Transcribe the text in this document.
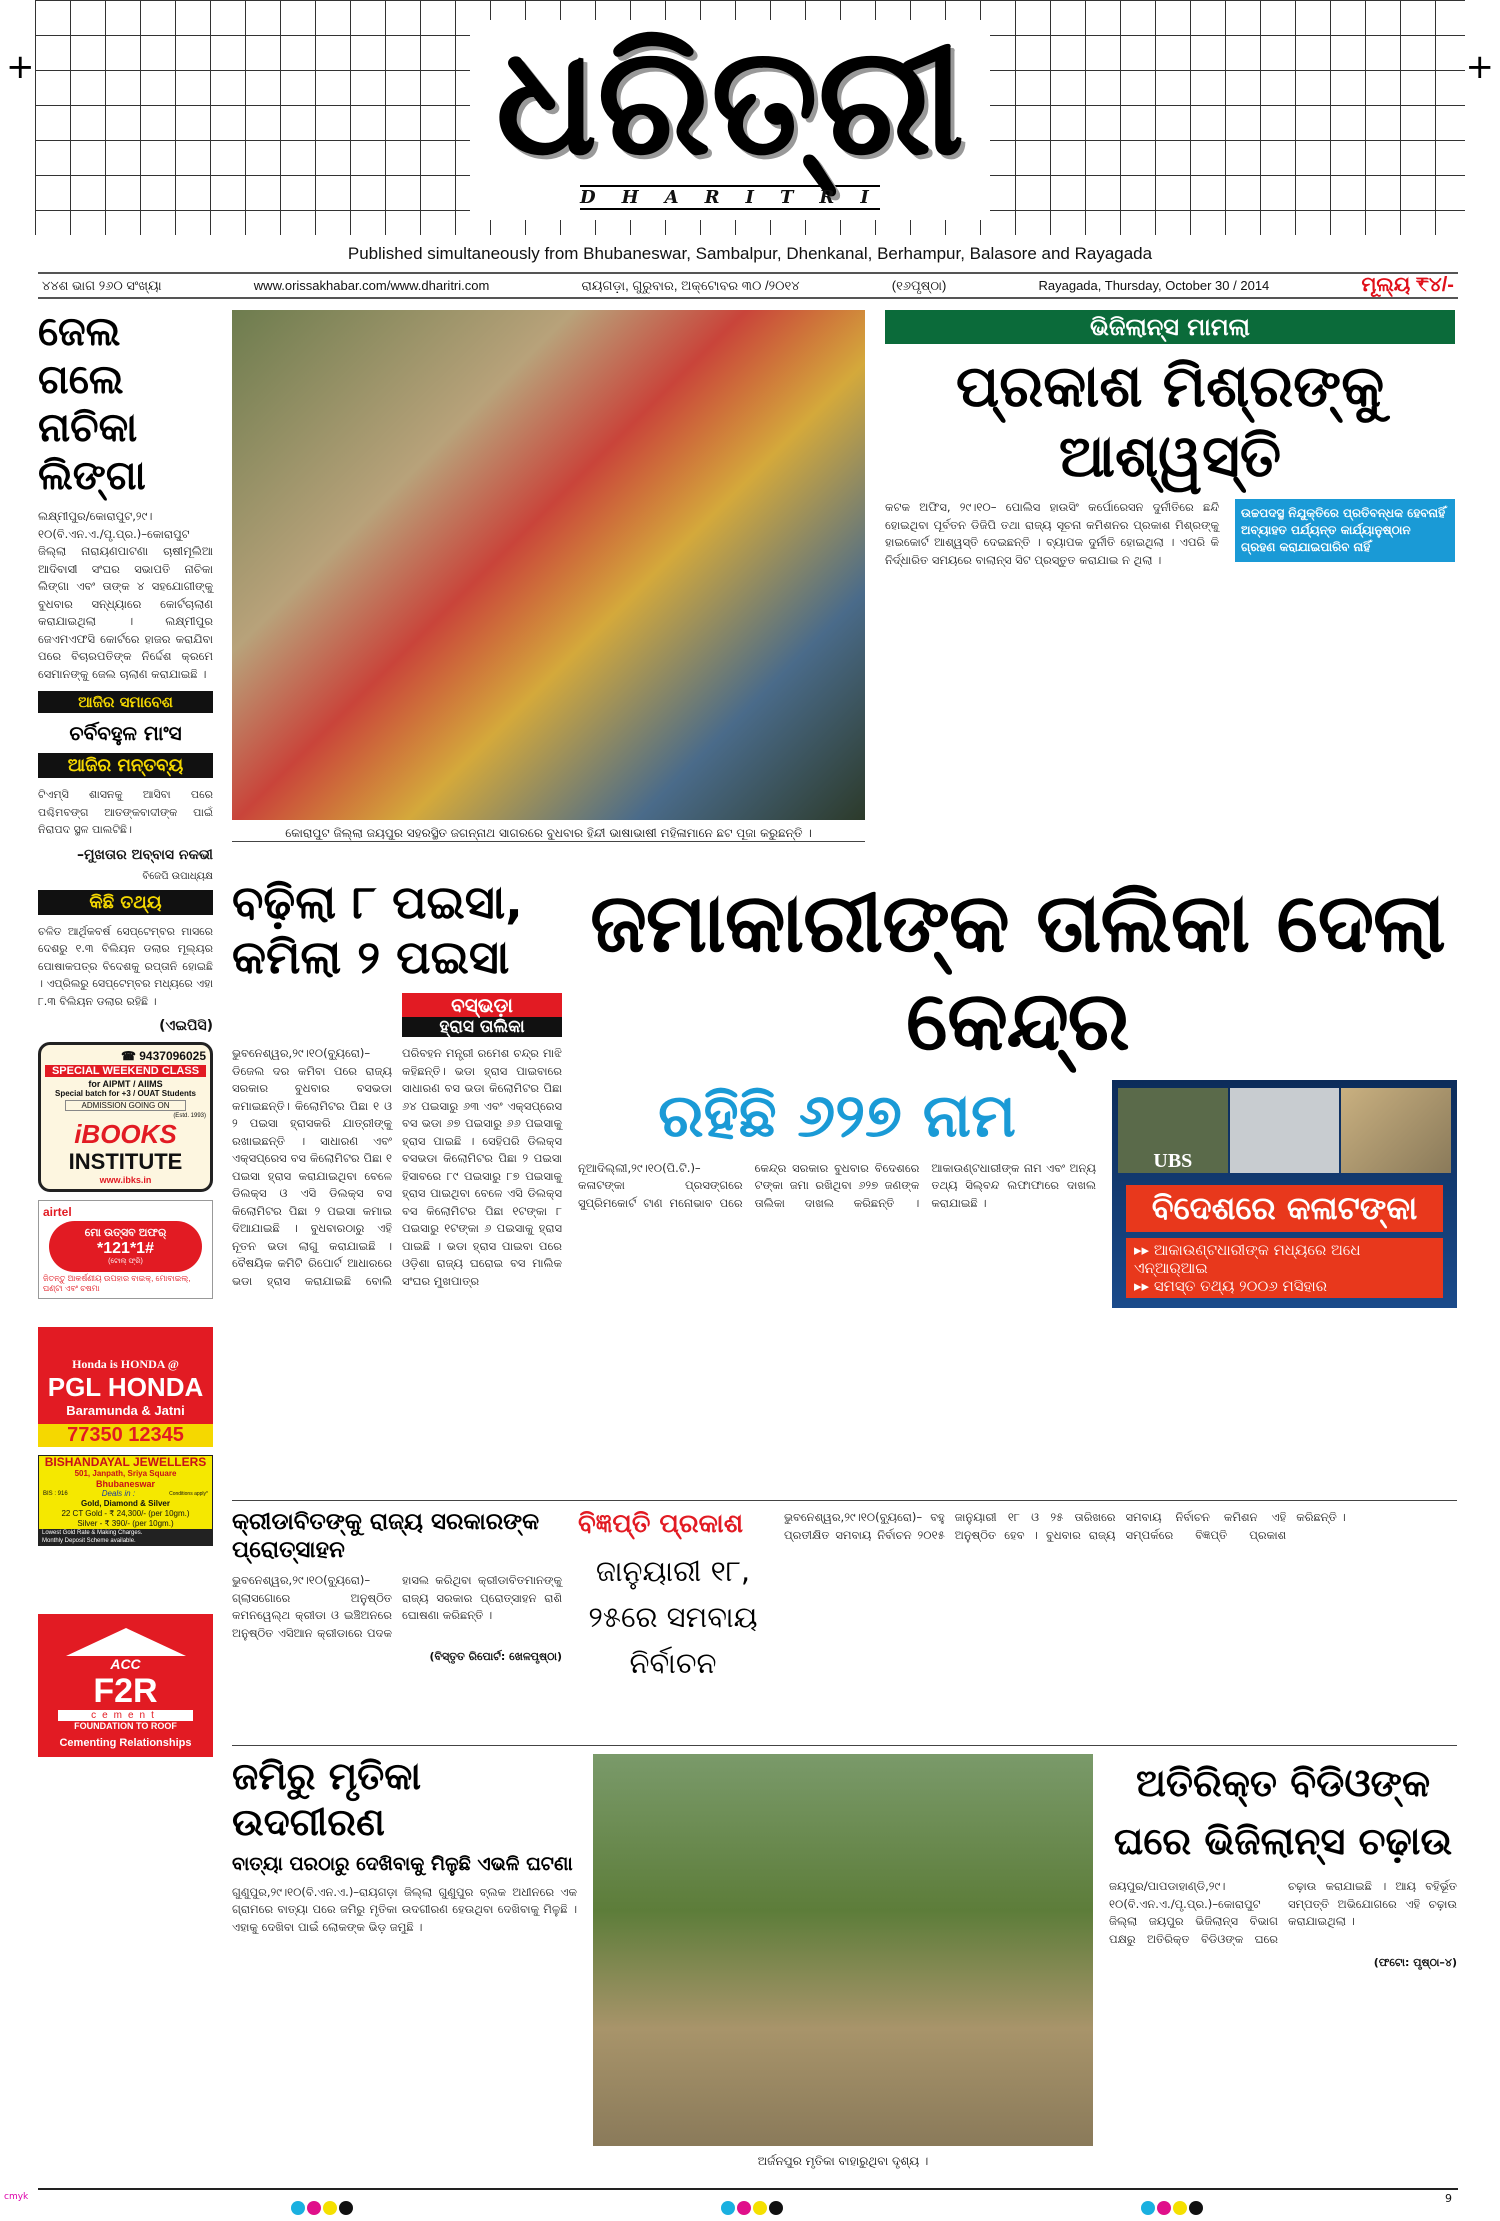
ଧରିତ୍ରୀ
DHARITRI
+	+
Published simultaneously from Bhubaneswar, Sambalpur, Dhenkanal, Berhampur, Balasore and Rayagada
୪୪ଶ ଭାଗ ୨୬୦ ସଂଖ୍ୟା	www.orissakhabar.com/www.dharitri.com	ରାୟଗଡ଼ା, ଗୁରୁବାର, ଅକ୍ଟୋବର ୩୦ /୨୦୧୪	(୧୬ପୃଷ୍ଠା)	Rayagada, Thursday, October 30 / 2014	ମୂଲ୍ୟ ₹୪/-
ଜେଲ ଗଲେ ନାଚିକା ଲିଙ୍ଗା
ଲକ୍ଷ୍ମୀପୁର/କୋରାପୁଟ,୨୯।୧୦(ବି.ଏନ.ଏ./ପୃ.ପ୍ର.)–କୋରାପୁଟ ଜିଲ୍ଲା ନାରାୟଣପାଟଣା ଚାଷୀମୂଲିଆ ଆଦିବାସୀ ସଂଘର ସଭାପତି ନାଚିକା ଲିଙ୍ଗା ଏବଂ ତାଙ୍କ ୪ ସହଯୋଗୀଙ୍କୁ ବୁଧବାର ସନ୍ଧ୍ୟାରେ କୋର୍ଟଚାଲାଣ କରାଯାଇଥିଲା । ଲକ୍ଷ୍ମୀପୁର ଜେଏମଏଫସି କୋର୍ଟରେ ହାଜର କରାଯିବା ପରେ ବିଚାରପତିଙ୍କ ନିର୍ଦ୍ଦେଶ କ୍ରମେ ସେମାନଙ୍କୁ ଜେଲ ଚାଲାଣ କରାଯାଇଛି ।
ଆଜିର ସମାବେଶ
ଚର୍ବିବହୁଳ ମାଂସ
ଆଜିର ମନ୍ତବ୍ୟ
ଟିଏମ୍‌ସି ଶାସନକୁ ଆସିବା ପରେ ପଶ୍ଚିମବଙ୍ଗ ଆତଙ୍କବାଦୀଙ୍କ ପାଇଁ ନିରାପଦ ସ୍ଥଳ ପାଲଟିଛି।
–ମୁଖତାର ଅବ୍ବାସ ନକଭୀ
ବିଜେପି ଉପାଧ୍ୟକ୍ଷ
କିଛି ତଥ୍ୟ
ଚଳିତ ଆର୍ଥିକବର୍ଷ ସେପ୍ଟେମ୍ବର ମାସରେ ଦେଶରୁ ୧.୩ ବିଲିୟନ ଡଲାର ମୂଲ୍ୟର ପୋଷାକପତ୍ର ବିଦେଶକୁ ରପ୍ତାନି ହୋଇଛି । ଏପ୍ରିଲରୁ ସେପ୍ଟେମ୍ବର ମଧ୍ୟରେ ଏହା ୮.୩ ବିଲିୟନ ଡଲାର ରହିଛି ।
(ଏଇପିସି)
☎ 9437096025
SPECIAL WEEKEND CLASS
for AIPMT / AIIMS
Special batch for +3 / OUAT Students
ADMISSION GOING ON
(Estd. 1993)
iBOOKS
INSTITUTE
www.ibks.in
airtel
ମୋ ଉତ୍ସବ ଅଫର୍
*121*1#
(ଟୋଲ୍ ଫ୍ରି)
ଜିତନ୍ତୁ ଆକର୍ଷଣୀୟ ଉପହାର ବାଇକ୍, ମୋବାଇଲ୍, ଘଣ୍ଟା ଏବଂ ଚଷମା
Honda is HONDA @
PGL HONDA
Baramunda & Jatni
77350 12345
BISHANDAYAL JEWELLERS
501, Janpath, Sriya Square
Bhubaneswar
BIS : 916	Deals in :	Conditions apply*
Gold, Diamond & Silver
22 CT Gold - ₹ 24,300/- (per 10gm.)
Silver - ₹ 390/- (per 10gm.)
Lowest Gold Rate & Making Charges.
Monthly Deposit Scheme available.
ACC
F2R
cement
FOUNDATION TO ROOF
Cementing Relationships
କୋରାପୁଟ ଜିଲ୍ଲା ଜୟପୁର ସହରସ୍ଥିତ ଜଗନ୍ନାଥ ସାଗରରେ ବୁଧବାର ହିନ୍ଦୀ ଭାଷାଭାଷୀ ମହିଳାମାନେ ଛଟ ପୂଜା କରୁଛନ୍ତି ।
ଭିଜିଲାନ୍ସ ମାମଲା
ପ୍ରକାଶ ମିଶ୍ରଙ୍କୁ ଆଶ୍ୱସ୍ତି
କଟକ ଅଫିସ, ୨୯।୧୦– ପୋଲିସ ହାଉସିଂ କର୍ପୋରେସନ ଦୁର୍ନୀତିରେ ଛନ୍ଦି ହୋଇଥିବା ପୂର୍ବତନ ଡିଜିପି ତଥା ରାଜ୍ୟ ସୂଚନା କମିଶନର ପ୍ରକାଶ ମିଶ୍ରଙ୍କୁ ହାଇକୋର୍ଟ ଆଶ୍ୱସ୍ତି ଦେଇଛନ୍ତି । ବ୍ୟାପକ ଦୁର୍ନୀତି ହୋଇଥିଲା । ଏପରି କି ନିର୍ଦ୍ଧାରିତ ସମୟରେ ବାଲାନ୍ସ ସିଟ ପ୍ରସ୍ତୁତ କରାଯାଇ ନ ଥିଲା ।
ଉଚ୍ଚପଦସ୍ଥ ନିଯୁକ୍ତିରେ ପ୍ରତିବନ୍ଧକ ହେବନାହିଁ ଅବ୍ୟାହତ ପର୍ଯ୍ୟନ୍ତ କାର୍ଯ୍ୟାନୁଷ୍ଠାନ ଗ୍ରହଣ କରାଯାଇପାରିବ ନାହିଁ
ବଢ଼ିଲା ୮ ପଇସା, କମିଲା ୨ ପଇସା
ବସ୍‌ଭଡ଼ା
ହ୍ରାସ ତାଲିକା
ଭୁବନେଶ୍ୱର,୨୯।୧୦(ବ୍ୟୁରୋ)– ଡିଜେଲ ଦର କମିବା ପରେ ରାଜ୍ୟ ସରକାର ବୁଧବାର ବସଭଡା କମାଇଛନ୍ତି। କିଲୋମିଟର ପିଛା ୧ ଓ ୨ ପଇସା ହ୍ରାସକରି ଯାତ୍ରୀଙ୍କୁ ରଖାଇଛନ୍ତି । ସାଧାରଣ ଏବଂ ଏକ୍ସପ୍ରେସ ବସ କିଲୋମିଟର ପିଛା ୧ ପଇସା ହ୍ରାସ କରାଯାଇଥିବା ବେଳେ ଡିଲକ୍ସ ଓ ଏସି ଡିଲକ୍ସ ବସ କିଲୋମିଟର ପିଛା ୨ ପଇସା କମାଇ ଦିଆଯାଇଛି । ବୁଧବାରଠାରୁ ଏହି ନୂତନ ଭଡା ଲାଗୁ କରାଯାଇଛି । ବୈଷୟିକ କମିଟି ରିପୋର୍ଟ ଆଧାରରେ ଭଡା ହ୍ରାସ କରାଯାଇଛି ବୋଲି ପରିବହନ ମନ୍ତ୍ରୀ ରମେଶ ଚନ୍ଦ୍ର ମାଝି କହିଛନ୍ତି। ଭଡା ହ୍ରାସ ପାଇବାରେ ସାଧାରଣ ବସ ଭଡା କିଲୋମିଟର ପିଛା ୬୪ ପଇସାରୁ ୬୩ ଏବଂ ଏକ୍ସପ୍ରେସ ବସ ଭଡା ୬୭ ପଇସାରୁ ୬୬ ପଇସାକୁ ହ୍ରାସ ପାଇଛି । ସେହିପରି ଡିଲକ୍ସ ବସଭଡା କିଲୋମିଟର ପିଛା ୨ ପଇସା ହିସାବରେ ୮୯ ପଇସାରୁ ୮୭ ପଇସାକୁ ହ୍ରାସ ପାଇଥିବା ବେଳେ ଏସି ଡିଲକ୍ସ ବସ କିଲୋମିଟର ପିଛା ୧ଟଙ୍କା ୮ ପଇସାରୁ ୧ଟଙ୍କା ୬ ପଇସାକୁ ହ୍ରାସ ପାଇଛି । ଭଡା ହ୍ରାସ ପାଇବା ପରେ ଓଡ଼ିଶା ରାଜ୍ୟ ଘରୋଇ ବସ ମାଲିକ ସଂଘର ମୁଖପାତ୍ର
ଜମାକାରୀଙ୍କ ତାଲିକା ଦେଲା କେନ୍ଦ୍ର
ରହିଛି ୬୨୭ ନାମ
ନୂଆଦିଲ୍ଲୀ,୨୯।୧୦(ପି.ଟି.)– କଳାଟଙ୍କା ପ୍ରସଙ୍ଗରେ ସୁପ୍ରିମକୋର୍ଟ ଟାଣ ମନୋଭାବ ପରେ କେନ୍ଦ୍ର ସରକାର ବୁଧବାର ବିଦେଶରେ ଟଙ୍କା ଜମା ରଖିଥିବା ୬୨୭ ଜଣଙ୍କ ତାଲିକା ଦାଖଲ କରିଛନ୍ତି । ଆକାଉଣ୍ଟଧାରୀଙ୍କ ନାମ ଏବଂ ଅନ୍ୟ ତଥ୍ୟ ସିଲ୍‌ବନ୍ଦ ଲଫାଫାରେ ଦାଖଲ କରାଯାଇଛି ।
UBS
ବିଦେଶରେ କଳାଟଙ୍କା
▸▸ ଆକାଉଣ୍ଟଧାରୀଙ୍କ ମଧ୍ୟରେ ଅଧେ ଏନ୍‌ଆର୍‌ଆଇ
▸▸ ସମସ୍ତ ତଥ୍ୟ ୨୦୦୬ ମସିହାର
କ୍ରୀଡାବିତଙ୍କୁ ରାଜ୍ୟ ସରକାରଙ୍କ ପ୍ରୋତ୍ସାହନ
ଭୁବନେଶ୍ୱର,୨୯।୧୦(ବ୍ୟୁରୋ)– ଗ୍ଲାସଗୋରେ ଅନୁଷ୍ଠିତ କମନୱେଲ୍‌ଥ କ୍ରୀଡା ଓ ଇଞ୍ଚିଅନରେ ଅନୁଷ୍ଠିତ ଏସିଆନ କ୍ରୀଡାରେ ପଦକ ହାସଲ କରିଥିବା କ୍ରୀଡାବିତମାନଙ୍କୁ ରାଜ୍ୟ ସରକାର ପ୍ରୋତ୍ସାହନ ରାଶି ଘୋଷଣା କରିଛନ୍ତି ।
(ବିସ୍ତୃତ ରିପୋର୍ଟ: ଖେଳପୃଷ୍ଠା)
ବିଜ୍ଞପ୍ତି ପ୍ରକାଶ
ଜାନୁୟାରୀ ୧୮, ୨୫ରେ ସମବାୟ ନିର୍ବାଚନ
ଭୁବନେଶ୍ୱର,୨୯।୧୦(ବ୍ୟୁରୋ)– ବହୁ ପ୍ରତୀକ୍ଷିତ ସମବାୟ ନିର୍ବାଚନ ୨୦୧୫ ଜାନୁୟାରୀ ୧୮ ଓ ୨୫ ତାରିଖରେ ଅନୁଷ୍ଠିତ ହେବ । ବୁଧବାର ରାଜ୍ୟ ସମବାୟ ନିର୍ବାଚନ କମିଶନ ଏହି ସମ୍ପର୍କରେ ବିଜ୍ଞପ୍ତି ପ୍ରକାଶ କରିଛନ୍ତି ।
ଜମିରୁ ମୃତିକା ଉଦଗୀରଣ
ବାତ୍ୟା ପରଠାରୁ ଦେଖିବାକୁ ମିଳୁଛି ଏଭଳି ଘଟଣା
ଗୁଣୁପୁର,୨୯।୧୦(ବି.ଏନ.ଏ.)–ରାୟଗଡ଼ା ଜିଲ୍ଲା ଗୁଣୁପୁର ବ୍ଲକ ଅଧୀନରେ ଏକ ଗ୍ରାମରେ ବାତ୍ୟା ପରେ ଜମିରୁ ମୃତିକା ଉଦଗୀରଣ ହେଉଥିବା ଦେଖିବାକୁ ମିଳୁଛି । ଏହାକୁ ଦେଖିବା ପାଇଁ ଲୋକଙ୍କ ଭିଡ଼ ଜମୁଛି ।
ଅର୍ଜନପୁର ମୃତିକା ବାହାରୁଥିବା ଦୃଶ୍ୟ ।
ଅତିରିକ୍ତ ବିଡିଓଙ୍କ ଘରେ ଭିଜିଲାନ୍ସ ଚଢ଼ାଉ
ଜୟପୁର/ପାପଡାହାଣ୍ଡି,୨୯।୧୦(ବି.ଏନ.ଏ./ପୃ.ପ୍ର.)–କୋରାପୁଟ ଜିଲ୍ଲା ଜୟପୁର ଭିଜିଲାନ୍ସ ବିଭାଗ ପକ୍ଷରୁ ଅତିରିକ୍ତ ବିଡିଓଙ୍କ ଘରେ ଚଢ଼ାଉ କରାଯାଇଛି । ଆୟ ବହିର୍ଭୂତ ସମ୍ପତ୍ତି ଅଭିଯୋଗରେ ଏହି ଚଢ଼ାଉ କରାଯାଇଥିଲା ।
(ଫଟୋ: ପୃଷ୍ଠା–୪)
9
cmyk
